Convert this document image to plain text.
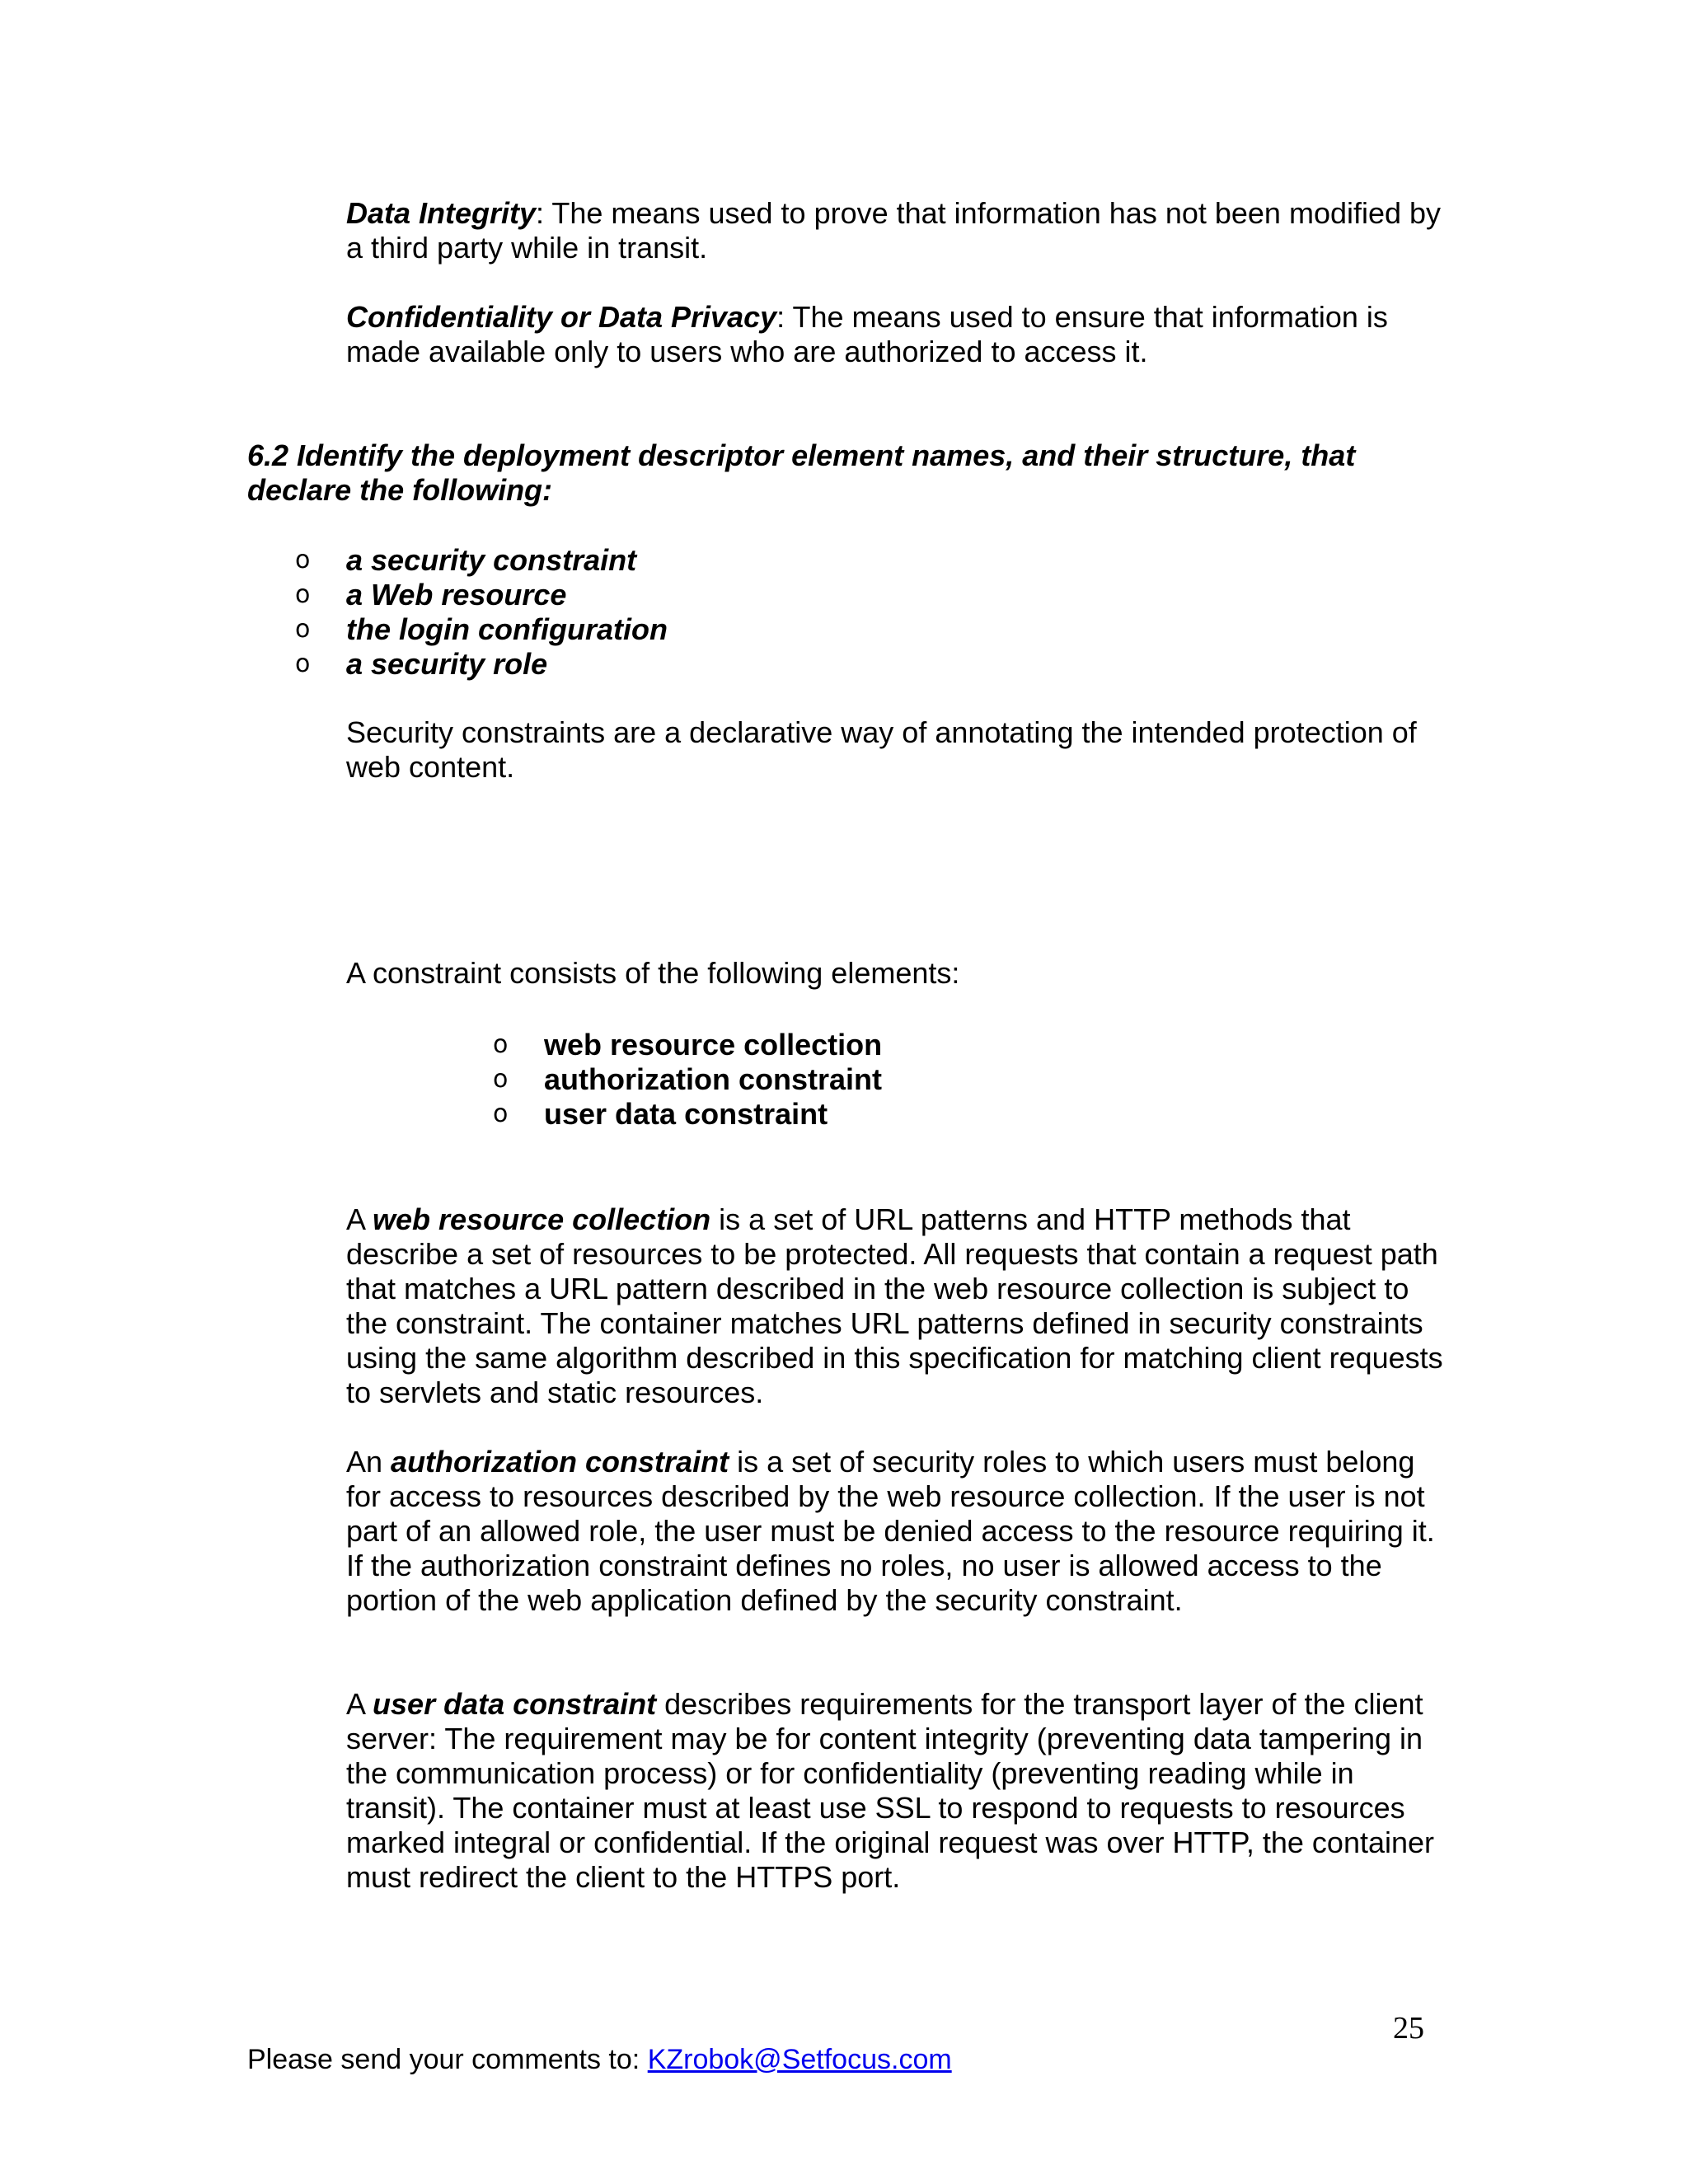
Data Integrity: The means used to prove that information has not been modified by a third party while in transit.

Confidentiality or Data Privacy: The means used to ensure that information is made available only to users who are authorized to access it.

6.2 Identify the deployment descriptor element names, and their structure, that declare the following:

o a security constraint
o a Web resource
o the login configuration
o a security role

Security constraints are a declarative way of annotating the intended protection of web content.

A constraint consists of the following elements:

o web resource collection
o authorization constraint
o user data constraint

A web resource collection is a set of URL patterns and HTTP methods that describe a set of resources to be protected. All requests that contain a request path that matches a URL pattern described in the web resource collection is subject to the constraint. The container matches URL patterns defined in security constraints using the same algorithm described in this specification for matching client requests to servlets and static resources.

An authorization constraint is a set of security roles to which users must belong for access to resources described by the web resource collection. If the user is not part of an allowed role, the user must be denied access to the resource requiring it. If the authorization constraint defines no roles, no user is allowed access to the portion of the web application defined by the security constraint.

A user data constraint describes requirements for the transport layer of the client server: The requirement may be for content integrity (preventing data tampering in the communication process) or for confidentiality (preventing reading while in transit). The container must at least use SSL to respond to requests to resources marked integral or confidential. If the original request was over HTTP, the container must redirect the client to the HTTPS port.

25
Please send your comments to: KZrobok@Setfocus.com
